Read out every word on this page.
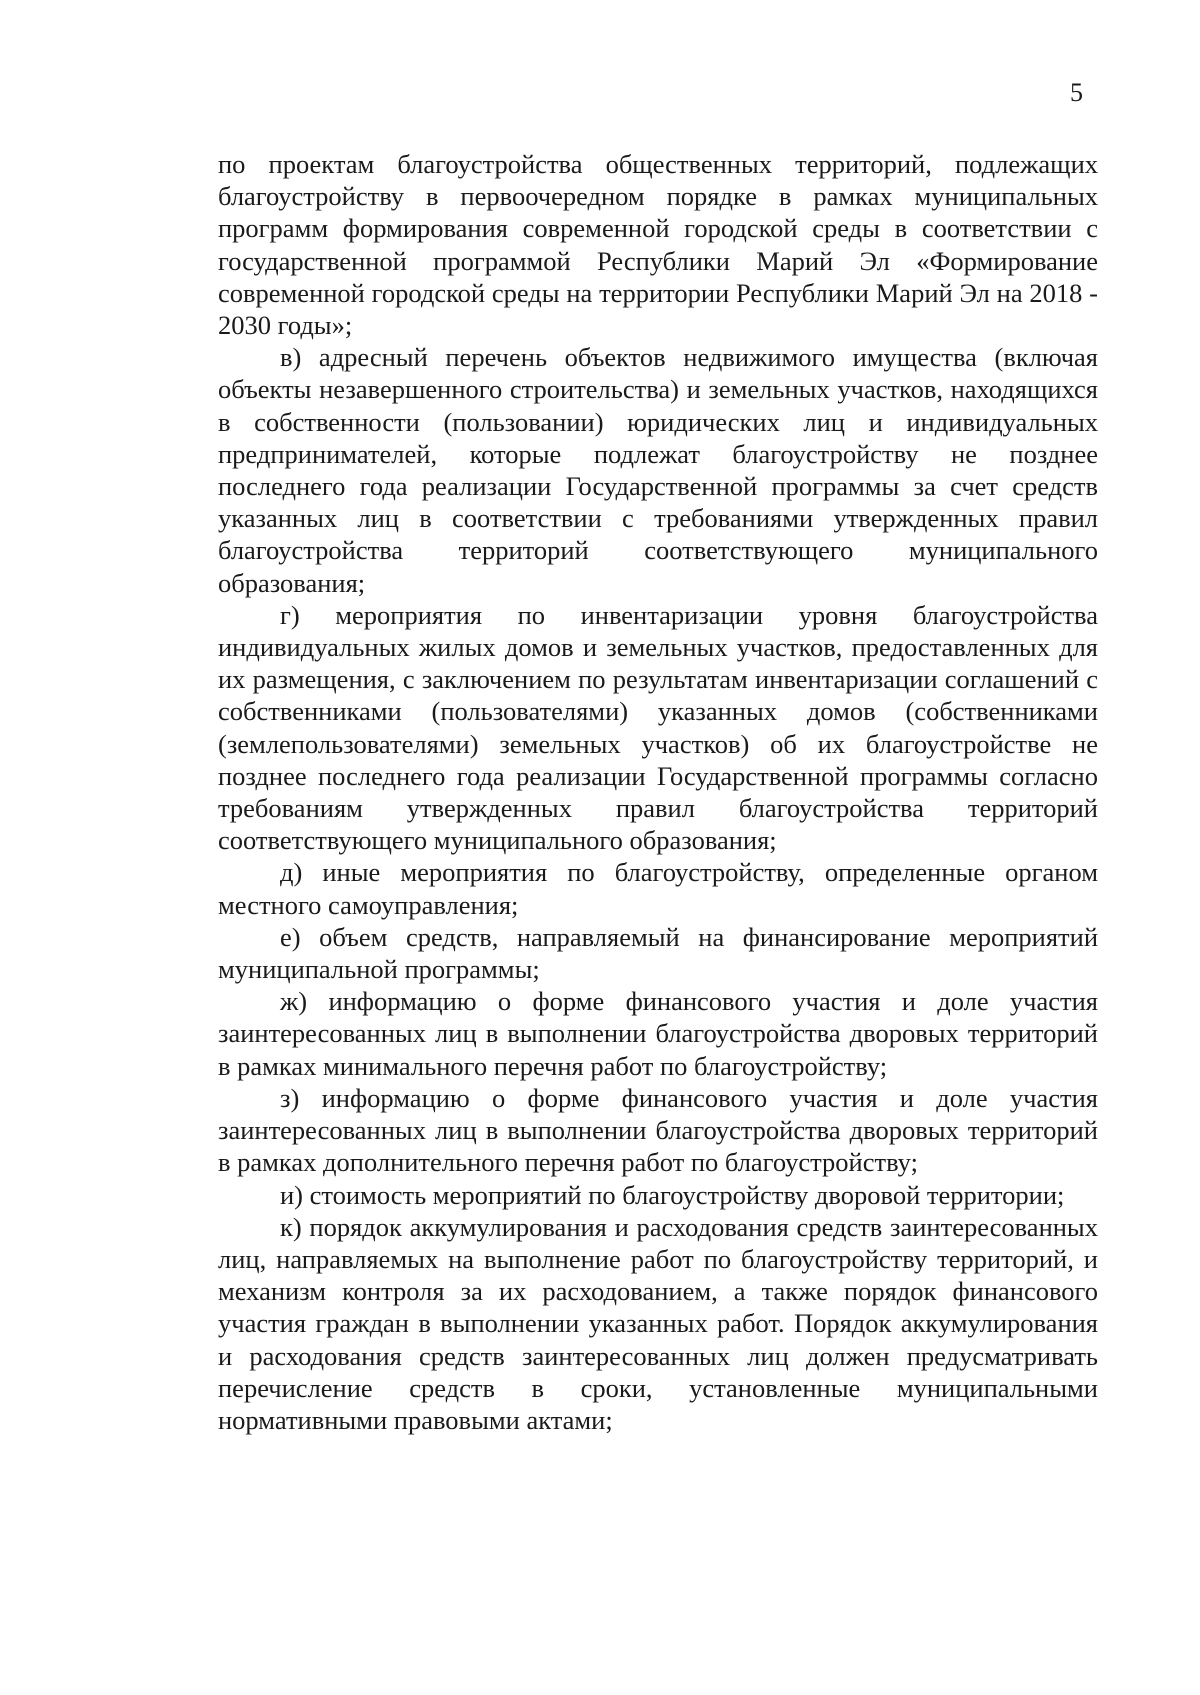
5

по проектам благоустройства общественных территорий, подлежащих благоустройству в первоочередном порядке в рамках муниципальных программ формирования современной городской среды в соответствии с государственной программой Республики Марий Эл «Формирование современной городской среды на территории Республики Марий Эл на 2018 - 2030 годы»;

в) адресный перечень объектов недвижимого имущества (включая объекты незавершенного строительства) и земельных участков, находящихся в собственности (пользовании) юридических лиц и индивидуальных предпринимателей, которые подлежат благоустройству не позднее последнего года реализации Государственной программы за счет средств указанных лиц в соответствии с требованиями утвержденных правил благоустройства территорий соответствующего муниципального образования;

г) мероприятия по инвентаризации уровня благоустройства индивидуальных жилых домов и земельных участков, предоставленных для их размещения, с заключением по результатам инвентаризации соглашений с собственниками (пользователями) указанных домов (собственниками (землепользователями) земельных участков) об их благоустройстве не позднее последнего года реализации Государственной программы согласно требованиям утвержденных правил благоустройства территорий соответствующего муниципального образования;

д) иные мероприятия по благоустройству, определенные органом местного самоуправления;

е) объем средств, направляемый на финансирование мероприятий муниципальной программы;

ж) информацию о форме финансового участия и доле участия заинтересованных лиц в выполнении благоустройства дворовых территорий в рамках минимального перечня работ по благоустройству;

з) информацию о форме финансового участия и доле участия заинтересованных лиц в выполнении благоустройства дворовых территорий в рамках дополнительного перечня работ по благоустройству;

и) стоимость мероприятий по благоустройству дворовой территории;

к) порядок аккумулирования и расходования средств заинтересованных лиц, направляемых на выполнение работ по благоустройству территорий, и механизм контроля за их расходованием, а также порядок финансового участия граждан в выполнении указанных работ. Порядок аккумулирования и расходования средств заинтересованных лиц должен предусматривать перечисление средств в сроки, установленные муниципальными нормативными правовыми актами;
